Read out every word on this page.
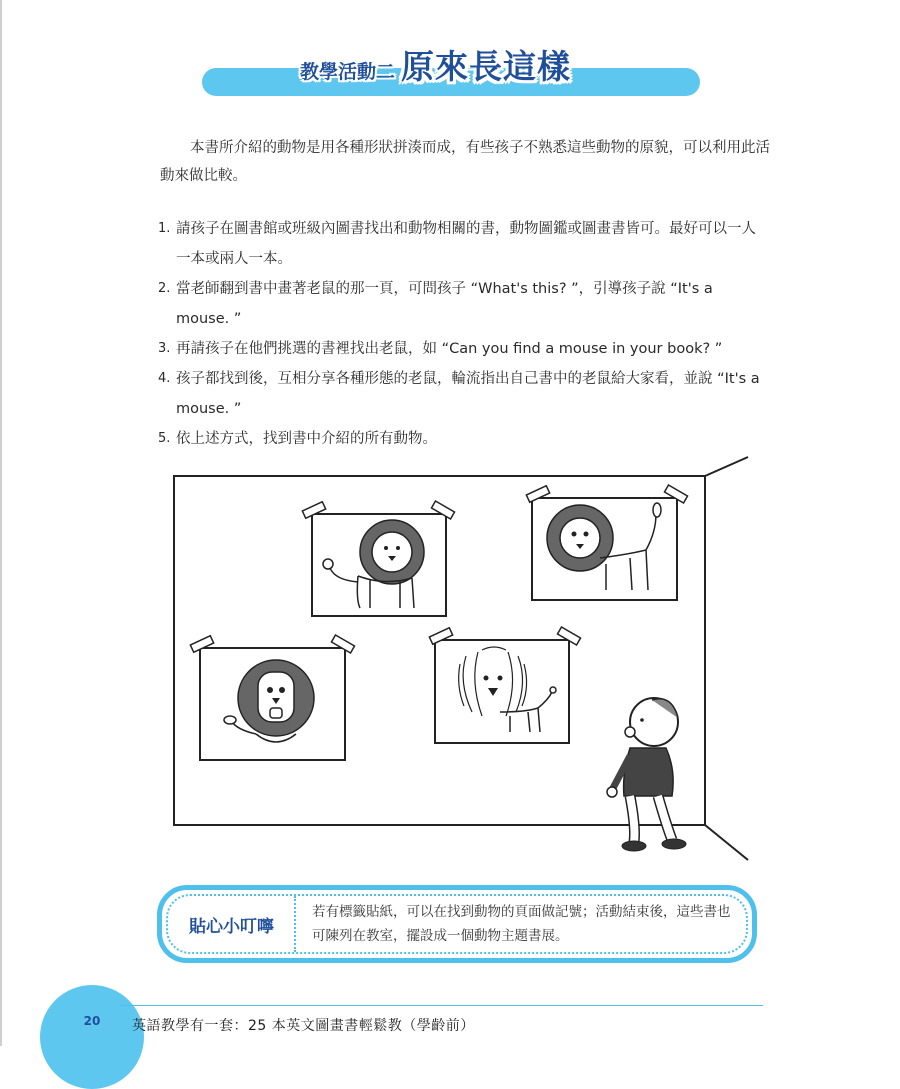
教學活動二 原來長這樣

本書所介紹的動物是用各種形狀拼湊而成，有些孩子不熟悉這些動物的原貌，可以利用此活動來做比較。

1. 請孩子在圖書館或班級內圖書找出和動物相關的書，動物圖鑑或圖畫書皆可。最好可以一人一本或兩人一本。
2. 當老師翻到書中畫著老鼠的那一頁，可問孩子 “What's this? ”，引導孩子說 “It's a mouse. ”
3. 再請孩子在他們挑選的書裡找出老鼠，如 “Can you find a mouse in your book? ”
4. 孩子都找到後，互相分享各種形態的老鼠，輪流指出自己書中的老鼠給大家看，並說 “It's a mouse. ”
5. 依上述方式，找到書中介紹的所有動物。
貼心小叮嚀
若有標籤貼紙，可以在找到動物的頁面做記號；活動結束後，這些書也可陳列在教室，擺設成一個動物主題書展。
20	英語教學有一套：25 本英文圖畫書輕鬆教（學齡前）
